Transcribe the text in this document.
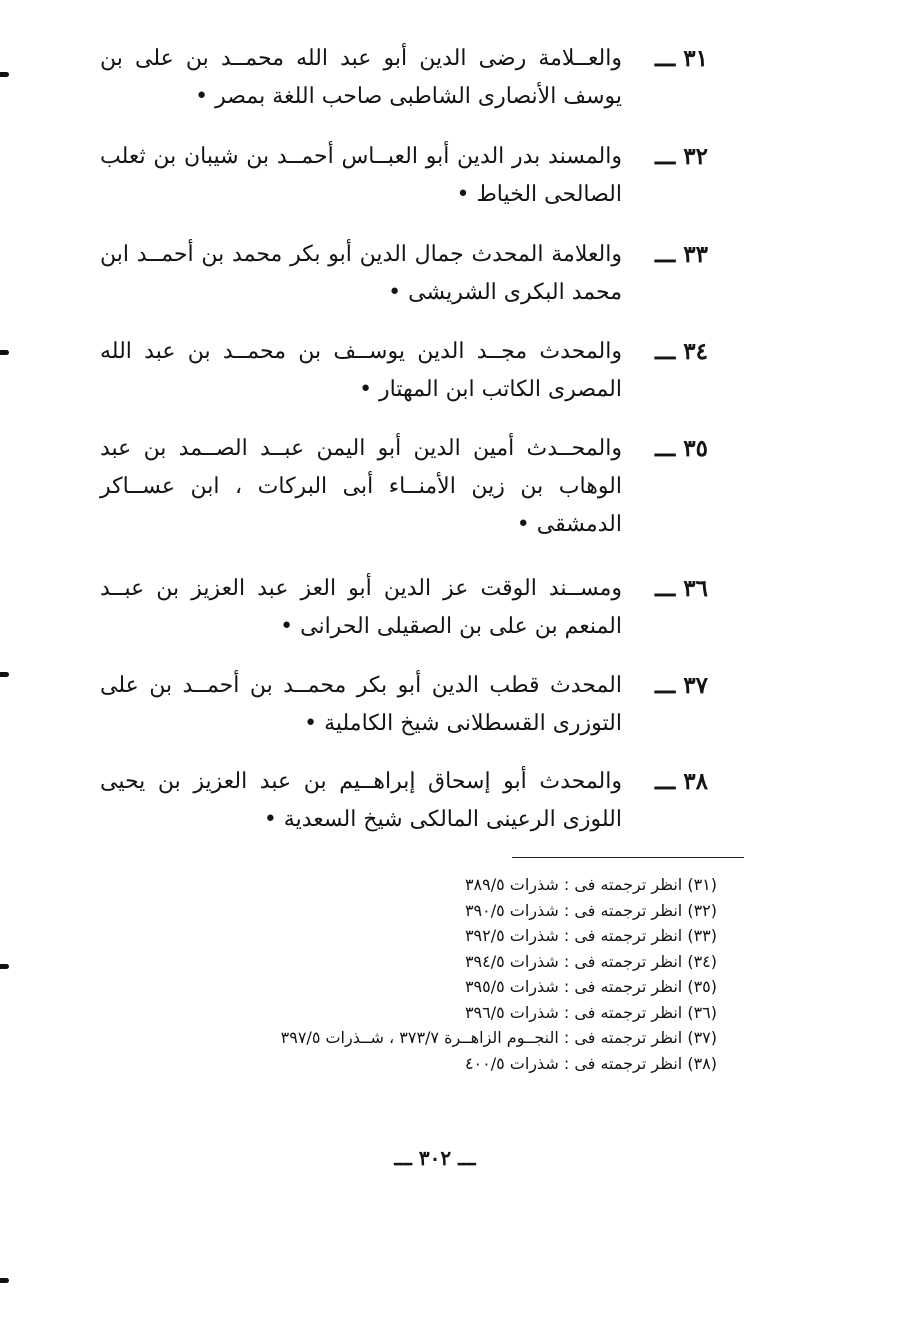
٣١ ـــ
والعــلامة رضى الدين أبو عبد الله محمــد بن على بن يوسف الأنصارى الشاطبى صاحب اللغة بمصر •
٣٢ ـــ
والمسند بدر الدين أبو العبــاس أحمــد بن شيبان بن ثعلب الصالحى الخياط •
٣٣ ـــ
والعلامة المحدث جمال الدين أبو بكر محمد بن أحمــد ابن محمد البكرى الشريشى •
٣٤ ـــ
والمحدث مجــد الدين يوســف بن محمــد بن عبد الله المصرى الكاتب ابن المهتار •
٣٥ ـــ
والمحــدث أمين الدين أبو اليمن عبــد الصــمد بن عبد الوهاب بن زين الأمنــاء أبى البركات ، ابن عســاكر الدمشقى •
٣٦ ـــ
ومســند الوقت عز الدين أبو العز عبد العزيز بن عبــد المنعم بن على بن الصقيلى الحرانى •
٣٧ ـــ
المحدث قطب الدين أبو بكر محمــد بن أحمــد بن على التوزرى القسطلانى شيخ الكاملية •
٣٨ ـــ
والمحدث أبو إسحاق إبراهــيم بن عبد العزيز بن يحيى اللوزى الرعينى المالكى شيخ السعدية •
(٣١) انظر ترجمته فى : شذرات ٣٨٩/٥
(٣٢) انظر ترجمته فى : شذرات ٣٩٠/٥
(٣٣) انظر ترجمته فى : شذرات ٣٩٢/٥
(٣٤) انظر ترجمته فى : شذرات ٣٩٤/٥
(٣٥) انظر ترجمته فى : شذرات ٣٩٥/٥
(٣٦) انظر ترجمته فى : شذرات ٣٩٦/٥
(٣٧) انظر ترجمته فى : النجــوم الزاهــرة ٣٧٣/٧ ، شــذرات ٣٩٧/٥
(٣٨) انظر ترجمته فى : شذرات ٤٠٠/٥
ـــ ٣٠٢ ـــ
